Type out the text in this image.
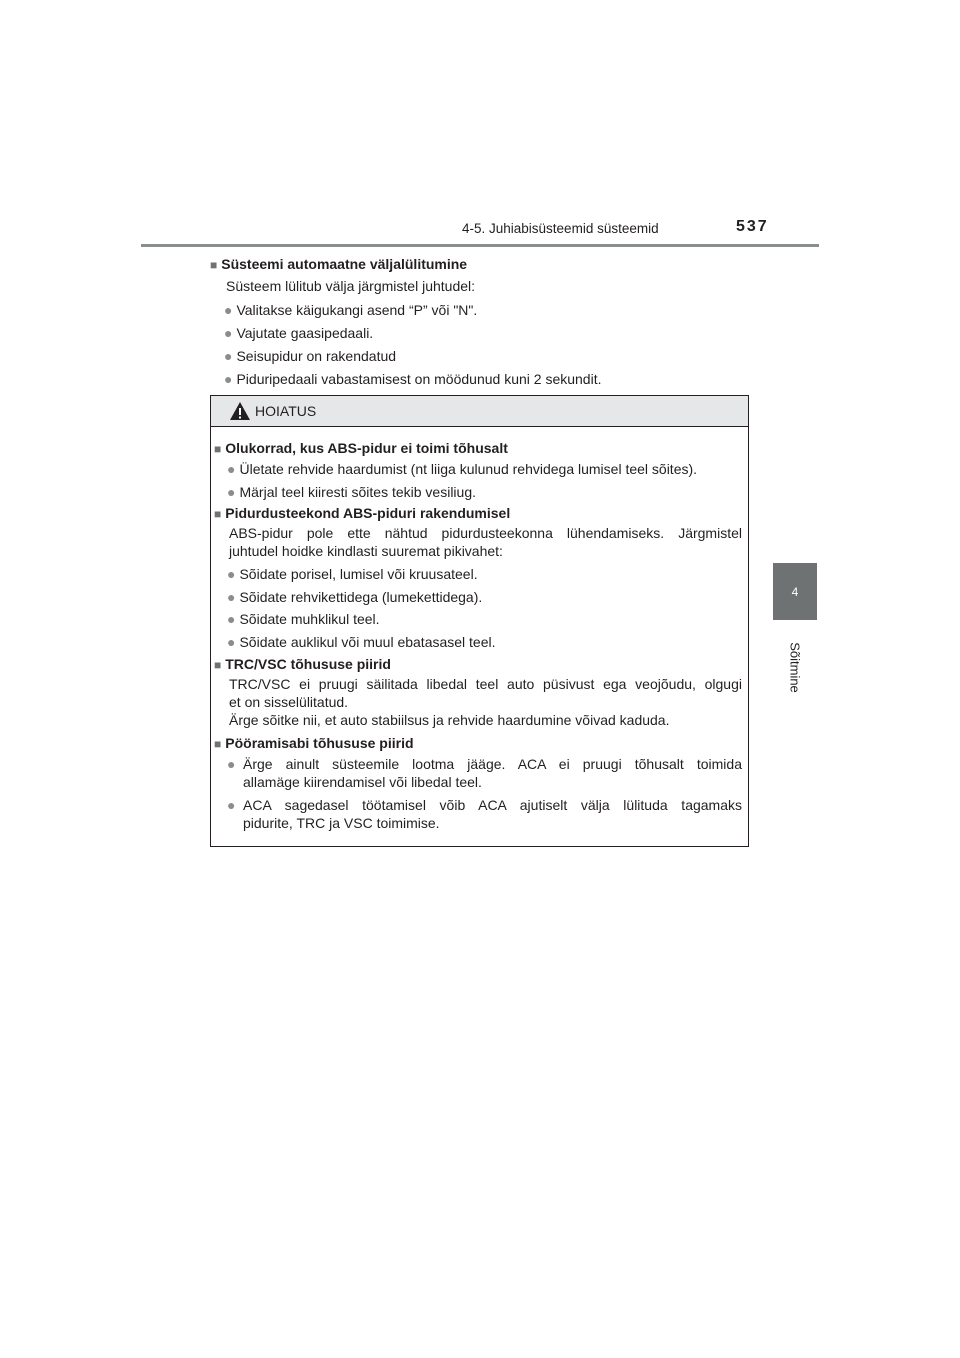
4-5. Juhiabisüsteemid süsteemid	537
4
Sõitmine
■ Süsteemi automaatne väljalülitumine
Süsteem lülitub välja järgmistel juhtudel:
● Valitakse käigukangi asend “P” või "N".
● Vajutate gaasipedaali.
● Seisupidur on rakendatud
● Piduripedaali vabastamisest on möödunud kuni 2 sekundit.
HOIATUS
■ Olukorrad, kus ABS-pidur ei toimi tõhusalt
● Ületate rehvide haardumist (nt liiga kulunud rehvidega lumisel teel sõites).
● Märjal teel kiiresti sõites tekib vesiliug.
■ Pidurdusteekond ABS-piduri rakendumisel
ABS-pidur pole ette nähtud pidurdusteekonna lühendamiseks. Järgmistel
juhtudel hoidke kindlasti suuremat pikivahet:
● Sõidate porisel, lumisel või kruusateel.
● Sõidate rehvikettidega (lumekettidega).
● Sõidate muhklikul teel.
● Sõidate auklikul või muul ebatasasel teel.
■ TRC/VSC tõhususe piirid
TRC/VSC ei pruugi säilitada libedal teel auto püsivust ega veojõudu, olgugi
et on sisselülitatud.
Ärge sõitke nii, et auto stabiilsus ja rehvide haardumine võivad kaduda.
■ Pööramisabi tõhususe piirid
● Ärge ainult süsteemile lootma jääge. ACA ei pruugi tõhusalt toimida
allamäge kiirendamisel või libedal teel.
● ACA sagedasel töötamisel võib ACA ajutiselt välja lülituda tagamaks
pidurite, TRC ja VSC toimimise.
